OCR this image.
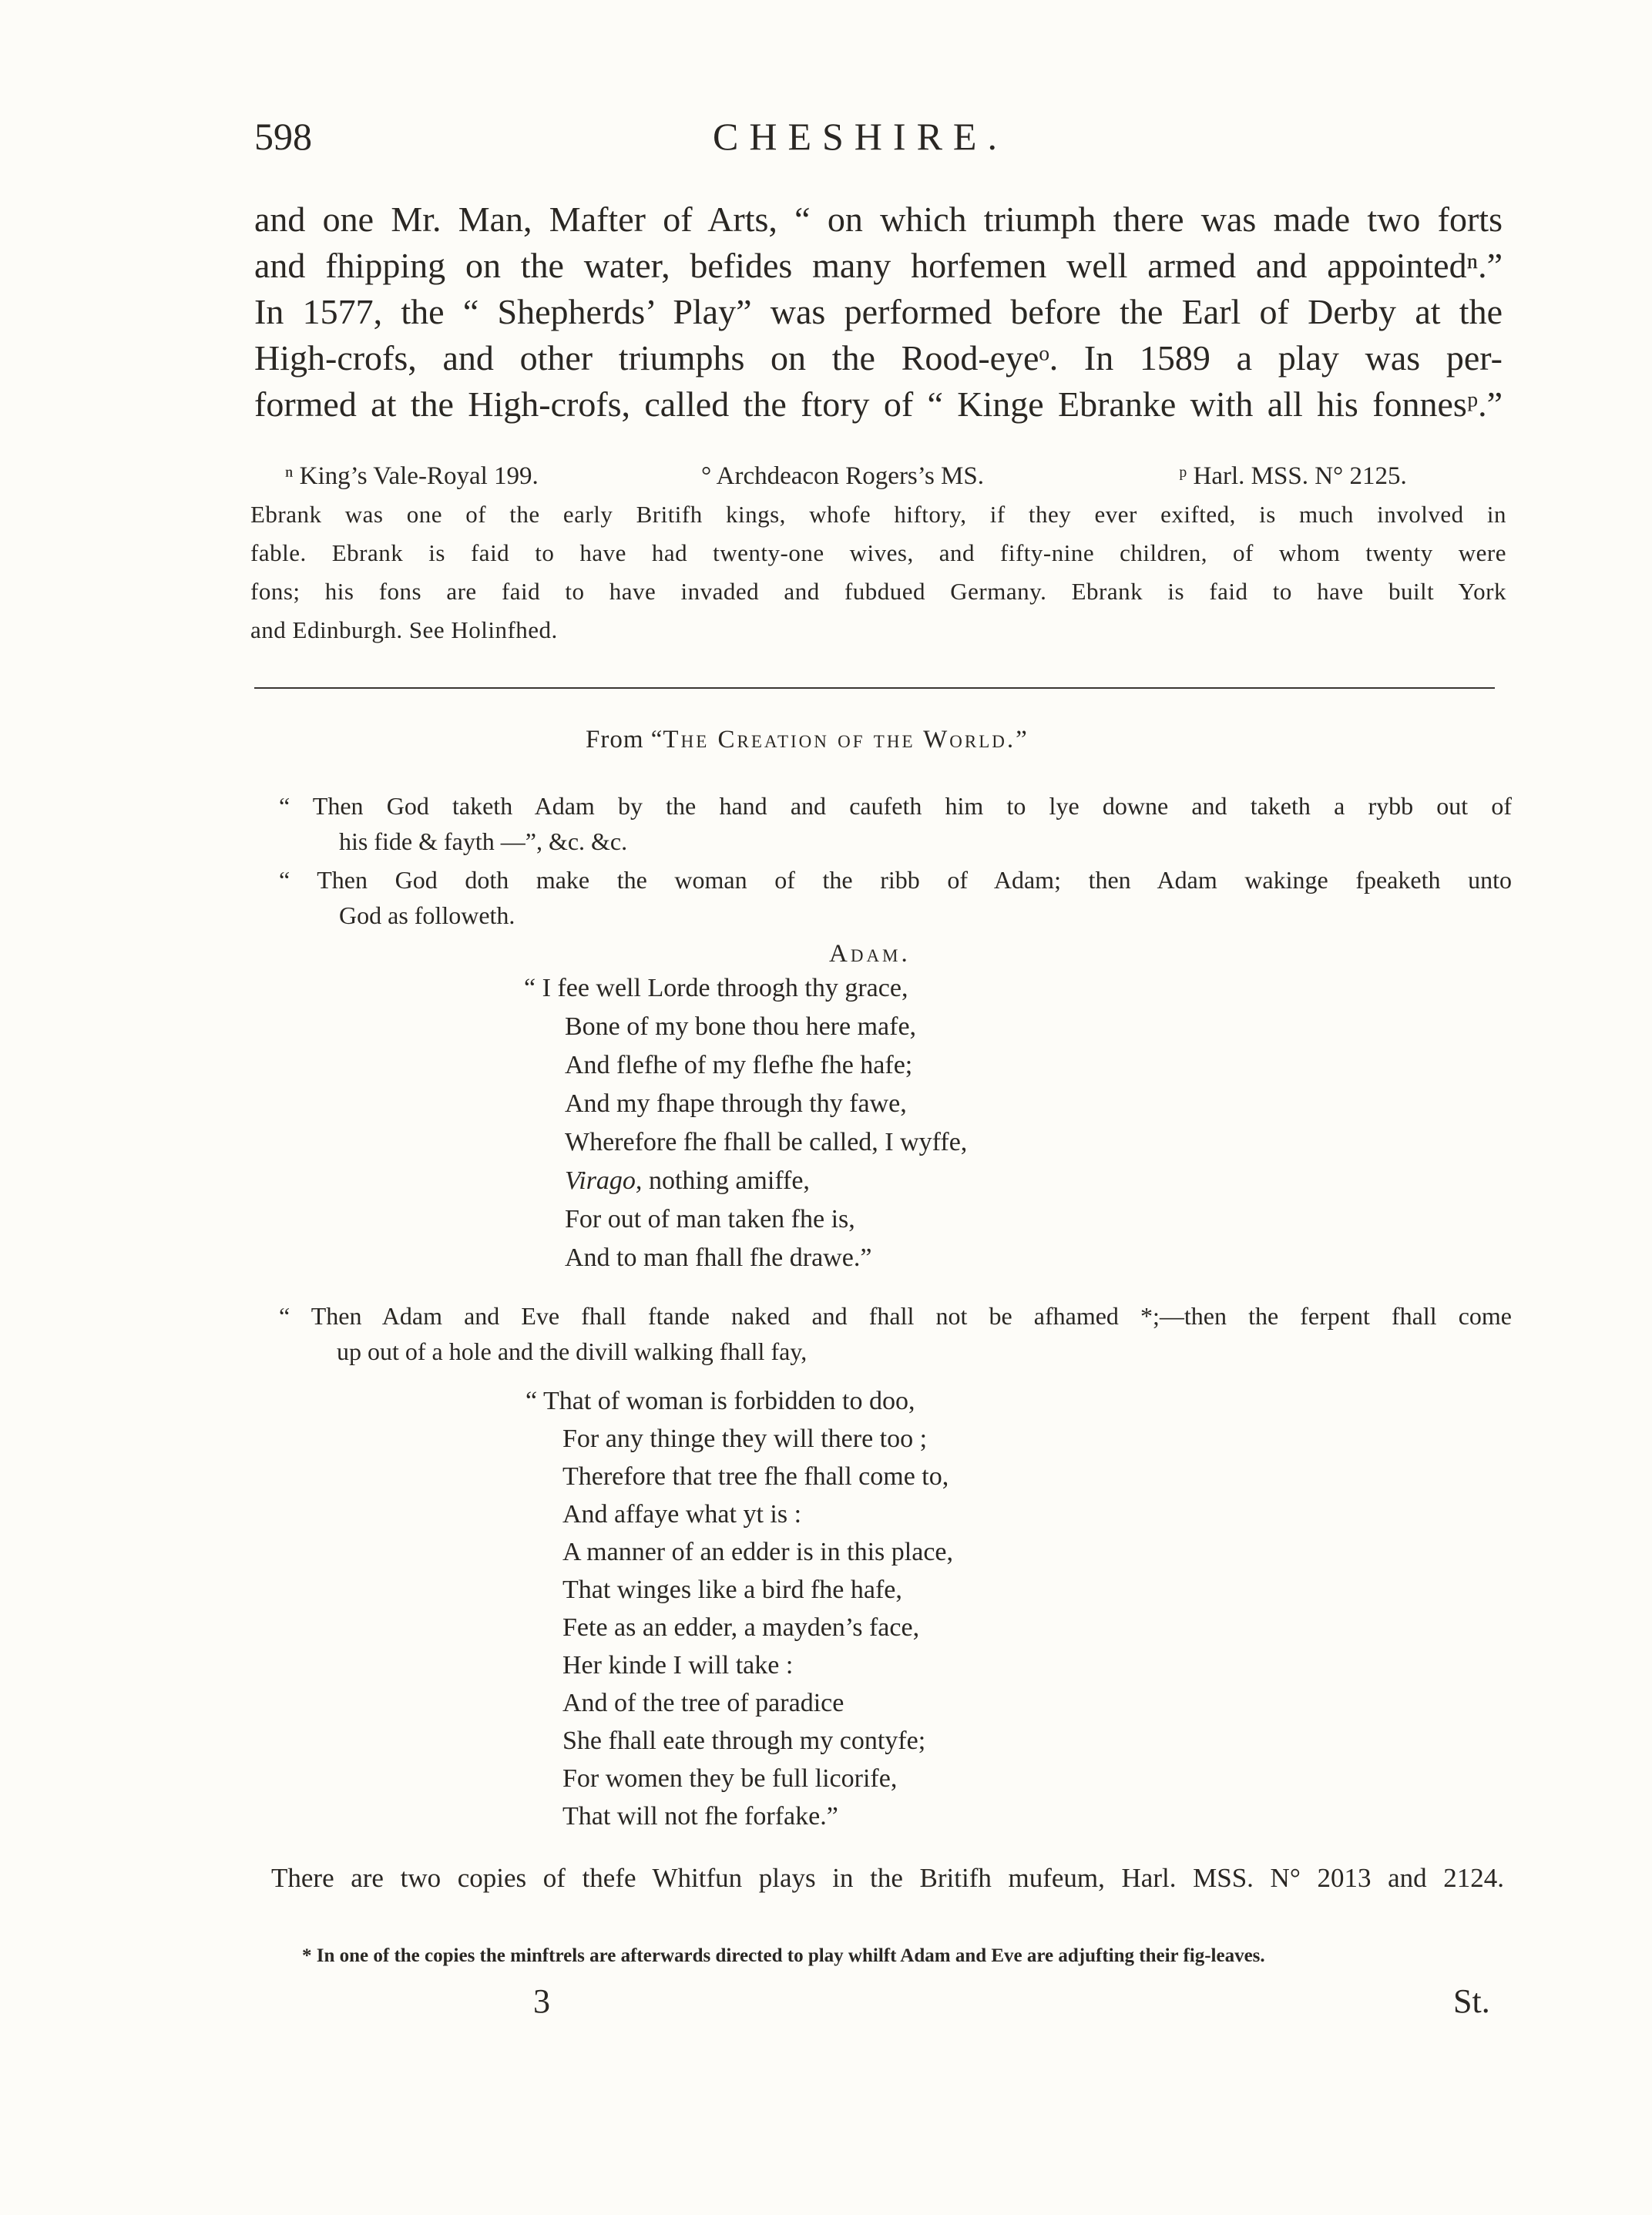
598	CHESHIRE.
and one Mr. Man, Mafter of Arts, “ on which triumph there was made two forts
and fhipping on the water, befides many horfemen well armed and appointedⁿ.”
In 1577, the “ Shepherds’ Play” was performed before the Earl of Derby at the
High-crofs, and other triumphs on the Rood-eyeᵒ. In 1589 a play was per-
formed at the High-crofs, called the ftory of “ Kinge Ebranke with all his fonnesᵖ.”
ⁿ King’s Vale-Royal 199.	° Archdeacon Rogers’s MS.	ᵖ Harl. MSS. N° 2125.
Ebrank was one of the early Britifh kings, whofe hiftory, if they ever exifted, is much involved in
fable. Ebrank is faid to have had twenty-one wives, and fifty-nine children, of whom twenty were
fons; his fons are faid to have invaded and fubdued Germany. Ebrank is faid to have built York
and Edinburgh. See Holinfhed.
From “The Creation of the World.”
“ Then God taketh Adam by the hand and caufeth him to lye downe and taketh a rybb out of
his fide & fayth —”, &c. &c.
“ Then God doth make the woman of the ribb of Adam; then Adam wakinge fpeaketh unto
God as followeth.
Adam.
“ I fee well Lorde throogh thy grace,
Bone of my bone thou here mafe,
And flefhe of my flefhe fhe hafe;
And my fhape through thy fawe,
Wherefore fhe fhall be called, I wyffe,
Virago, nothing amiffe,
For out of man taken fhe is,
And to man fhall fhe drawe.”
“ Then Adam and Eve fhall ftande naked and fhall not be afhamed *;—then the ferpent fhall come
up out of a hole and the divill walking fhall fay,
“ That of woman is forbidden to doo,
For any thinge they will there too ;
Therefore that tree fhe fhall come to,
And affaye what yt is :
A manner of an edder is in this place,
That winges like a bird fhe hafe,
Fete as an edder, a mayden’s face,
Her kinde I will take :
And of the tree of paradice
She fhall eate through my contyfe;
For women they be full licorife,
That will not fhe forfake.”
There are two copies of thefe Whitfun plays in the Britifh mufeum, Harl. MSS. N° 2013 and 2124.
* In one of the copies the minftrels are afterwards directed to play whilft Adam and Eve are adjufting their fig-leaves.
3	St.
